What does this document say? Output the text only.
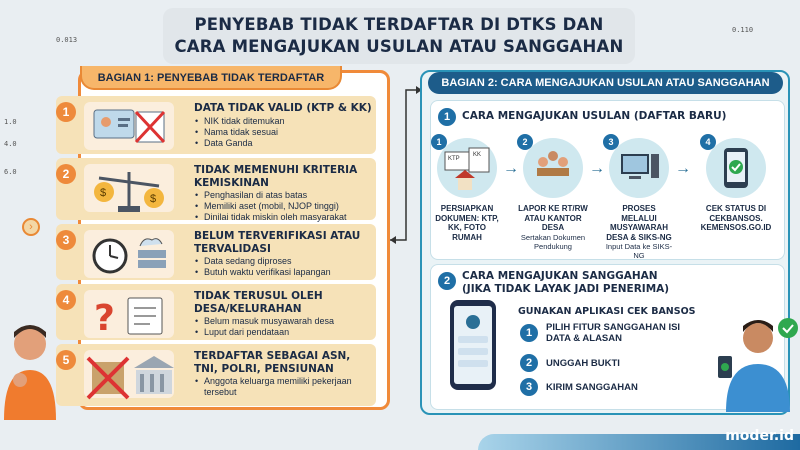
0.013
0.110
1.0
4.0
6.0
PENYEBAB TIDAK TERDAFTAR DI DTKS DAN
CARA MENGAJUKAN USULAN ATAU SANGGAHAN
BAGIAN 1: PENYEBAB TIDAK TERDAFTAR
1	DATA TIDAK VALID (KTP & KK)
• NIK tidak ditemukan
• Nama tidak sesuai
• Data Ganda
2
$	$
TIDAK MEMENUHI KRITERIA KEMISKINAN
• Penghasilan di atas batas
• Memiliki aset (mobil, NJOP tinggi)
• Dinilai tidak miskin oleh masyarakat
3	BELUM TERVERIFIKASI ATAU TERVALIDASI
• Data sedang diproses
• Butuh waktu verifikasi lapangan
4 ?
TIDAK TERUSUL OLEH DESA/KELURAHAN
• Belum masuk musyawarah desa
• Luput dari pendataan
5	TERDAFTAR SEBAGAI ASN, TNI, POLRI, PENSIUNAN
• Anggota keluarga memiliki pekerjaan tersebut
›
BAGIAN 2: CARA MENGAJUKAN USULAN ATAU SANGGAHAN
1	CARA MENGAJUKAN USULAN (DAFTAR BARU)
1
KTP
KK
PERSIAPKAN DOKUMEN: KTP, KK, FOTO RUMAH
→
2
LAPOR KE RT/RW ATAU KANTOR DESA
Sertakan Dokumen Pendukung
→
3
PROSES MELALUI MUSYAWARAH DESA & SIKS-NG
Input Data ke SIKS-NG
→
4
CEK STATUS DI CEKBANSOS. KEMENSOS.GO.ID
2	CARA MENGAJUKAN SANGGAHAN
(JIKA TIDAK LAYAK JADI PENERIMA)
GUNAKAN APLIKASI CEK BANSOS
1	PILIH FITUR SANGGAHAN ISI DATA & ALASAN
2	UNGGAH BUKTI
3	KIRIM SANGGAHAN
moder.id
